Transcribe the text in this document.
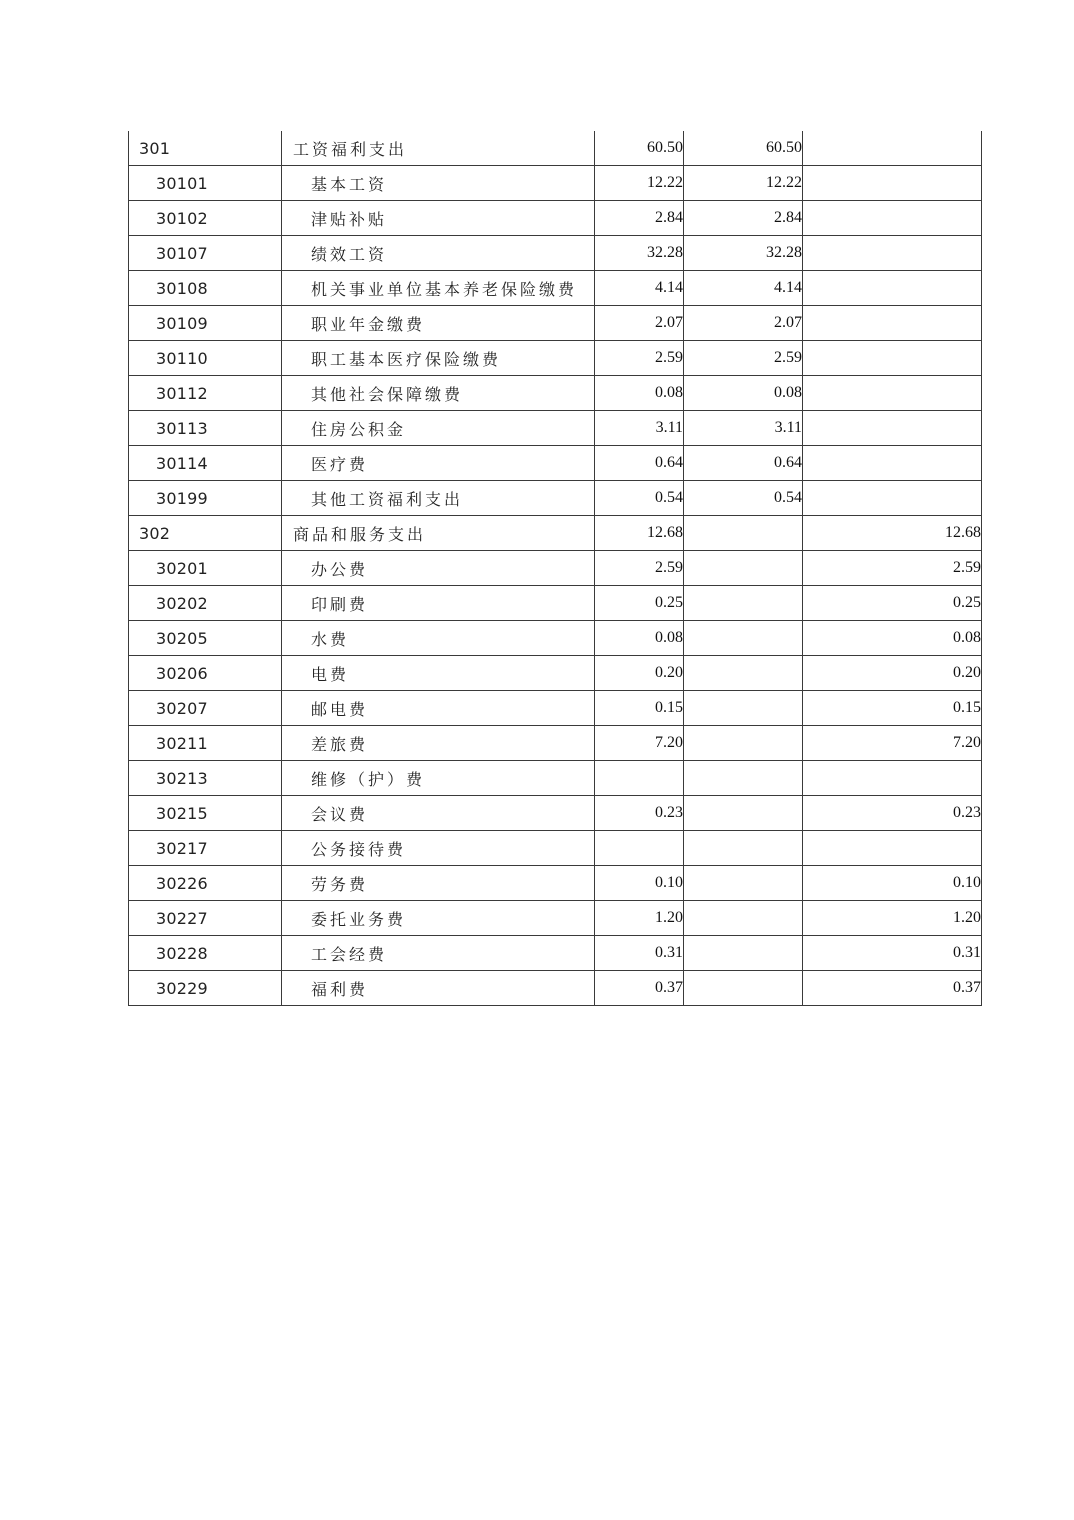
301	工资福利支出	60.50	60.50	
30101	基本工资	12.22	12.22	
30102	津贴补贴	2.84	2.84	
30107	绩效工资	32.28	32.28	
30108	机关事业单位基本养老保险缴费	4.14	4.14	
30109	职业年金缴费	2.07	2.07	
30110	职工基本医疗保险缴费	2.59	2.59	
30112	其他社会保障缴费	0.08	0.08	
30113	住房公积金	3.11	3.11	
30114	医疗费	0.64	0.64	
30199	其他工资福利支出	0.54	0.54	
302	商品和服务支出	12.68		12.68
30201	办公费	2.59		2.59
30202	印刷费	0.25		0.25
30205	水费	0.08		0.08
30206	电费	0.20		0.20
30207	邮电费	0.15		0.15
30211	差旅费	7.20		7.20
30213	维修（护）费			
30215	会议费	0.23		0.23
30217	公务接待费			
30226	劳务费	0.10		0.10
30227	委托业务费	1.20		1.20
30228	工会经费	0.31		0.31
30229	福利费	0.37		0.37
